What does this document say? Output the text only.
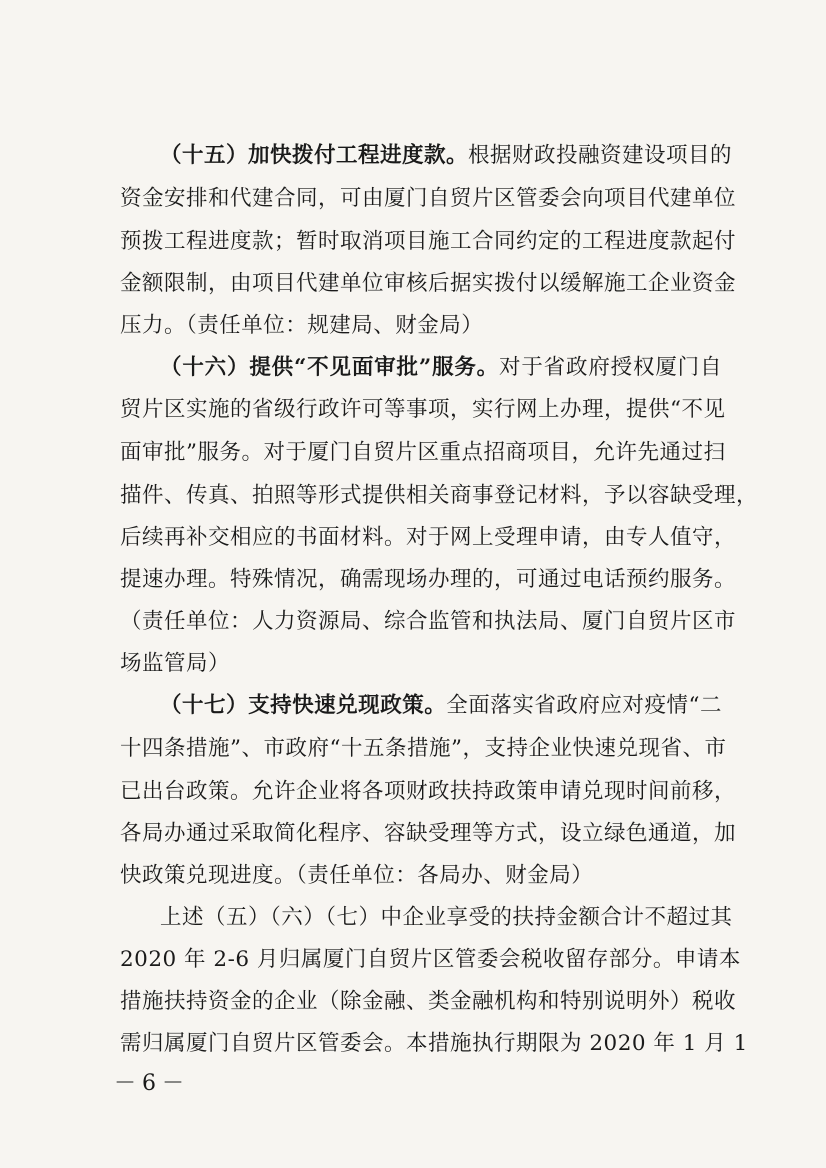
（十五）加快拨付工程进度款。根据财政投融资建设项目的
资金安排和代建合同，可由厦门自贸片区管委会向项目代建单位
预拨工程进度款；暂时取消项目施工合同约定的工程进度款起付
金额限制，由项目代建单位审核后据实拨付以缓解施工企业资金
压力。（责任单位：规建局、财金局）
（十六）提供“不见面审批”服务。对于省政府授权厦门自
贸片区实施的省级行政许可等事项，实行网上办理，提供“不见
面审批”服务。对于厦门自贸片区重点招商项目，允许先通过扫
描件、传真、拍照等形式提供相关商事登记材料，予以容缺受理，
后续再补交相应的书面材料。对于网上受理申请，由专人值守，
提速办理。特殊情况，确需现场办理的，可通过电话预约服务。
（责任单位：人力资源局、综合监管和执法局、厦门自贸片区市
场监管局）
（十七）支持快速兑现政策。全面落实省政府应对疫情“二
十四条措施”、市政府“十五条措施”，支持企业快速兑现省、市
已出台政策。允许企业将各项财政扶持政策申请兑现时间前移，
各局办通过采取简化程序、容缺受理等方式，设立绿色通道，加
快政策兑现进度。（责任单位：各局办、财金局）
上述（五）（六）（七）中企业享受的扶持金额合计不超过其
2020 年 2-6 月归属厦门自贸片区管委会税收留存部分。申请本
措施扶持资金的企业（除金融、类金融机构和特别说明外）税收
需归属厦门自贸片区管委会。本措施执行期限为 2020 年 1 月 1
－6－
